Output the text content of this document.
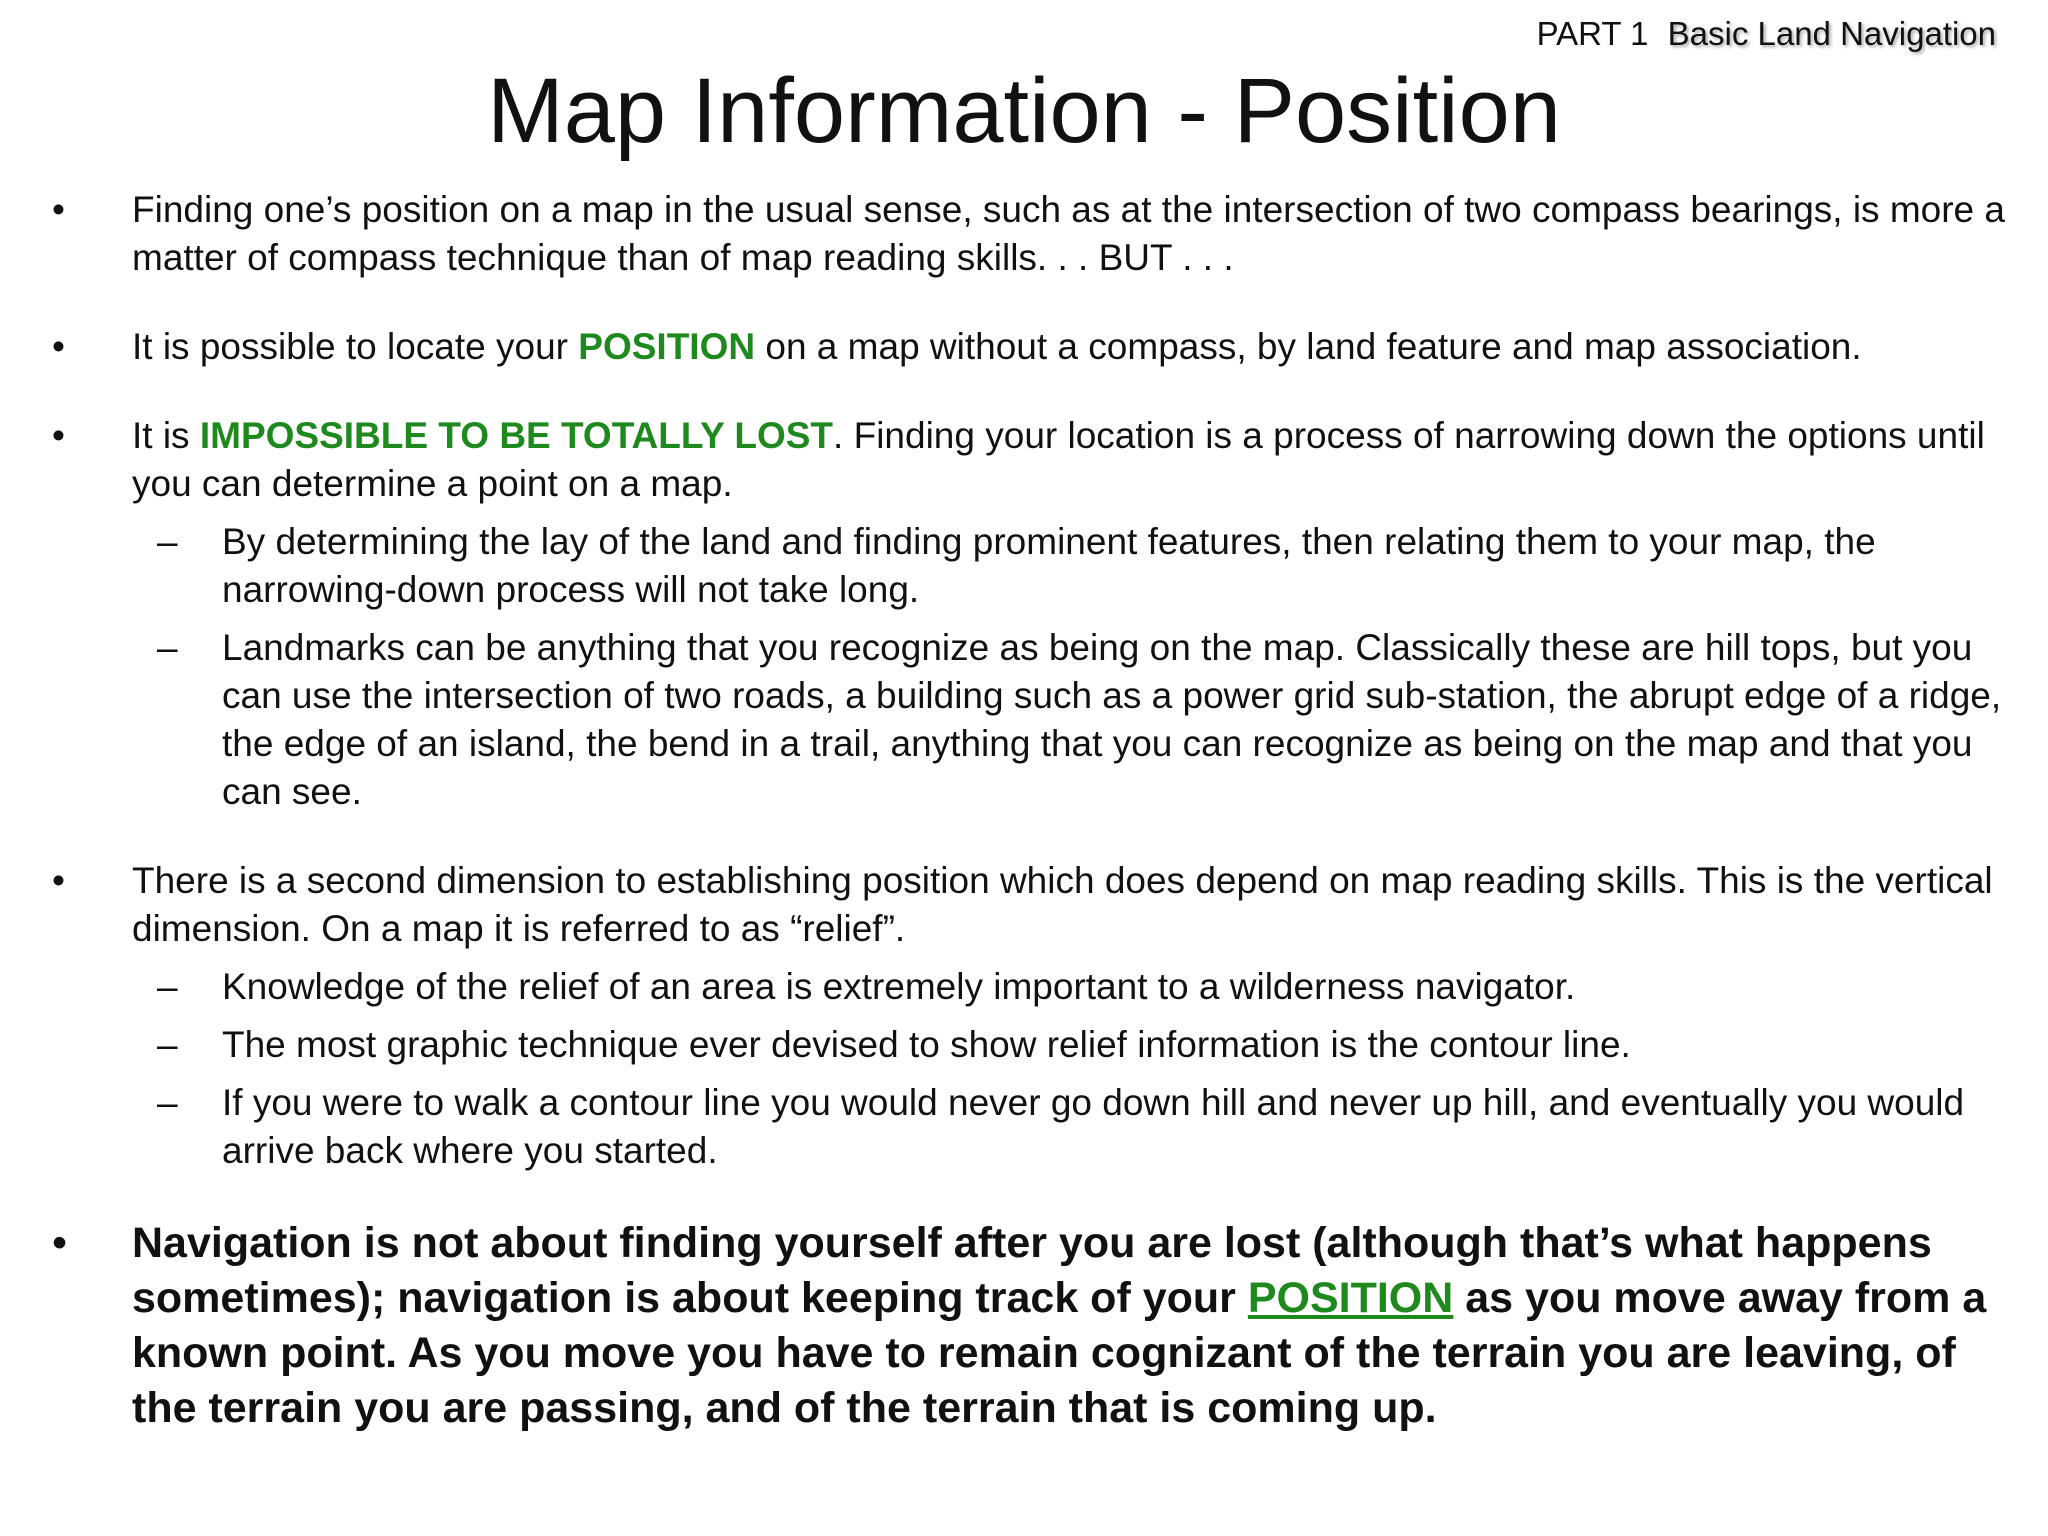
PART 1 Basic Land Navigation
Map Information - Position
• Finding one’s position on a map in the usual sense, such as at the intersection of two compass bearings, is more a matter of compass technique than of map reading skills. . . BUT . . .
• It is possible to locate your POSITION on a map without a compass, by land feature and map association.
• It is IMPOSSIBLE TO BE TOTALLY LOST. Finding your location is a process of narrowing down the options until you can determine a point on a map.
– By determining the lay of the land and finding prominent features, then relating them to your map, the narrowing-down process will not take long.
– Landmarks can be anything that you recognize as being on the map. Classically these are hill tops, but you can use the intersection of two roads, a building such as a power grid sub-station, the abrupt edge of a ridge, the edge of an island, the bend in a trail, anything that you can recognize as being on the map and that you can see.
• There is a second dimension to establishing position which does depend on map reading skills. This is the vertical dimension. On a map it is referred to as “relief”.
– Knowledge of the relief of an area is extremely important to a wilderness navigator.
– The most graphic technique ever devised to show relief information is the contour line.
– If you were to walk a contour line you would never go down hill and never up hill, and eventually you would arrive back where you started.
• Navigation is not about finding yourself after you are lost (although that’s what happens sometimes); navigation is about keeping track of your POSITION as you move away from a known point. As you move you have to remain cognizant of the terrain you are leaving, of the terrain you are passing, and of the terrain that is coming up.
